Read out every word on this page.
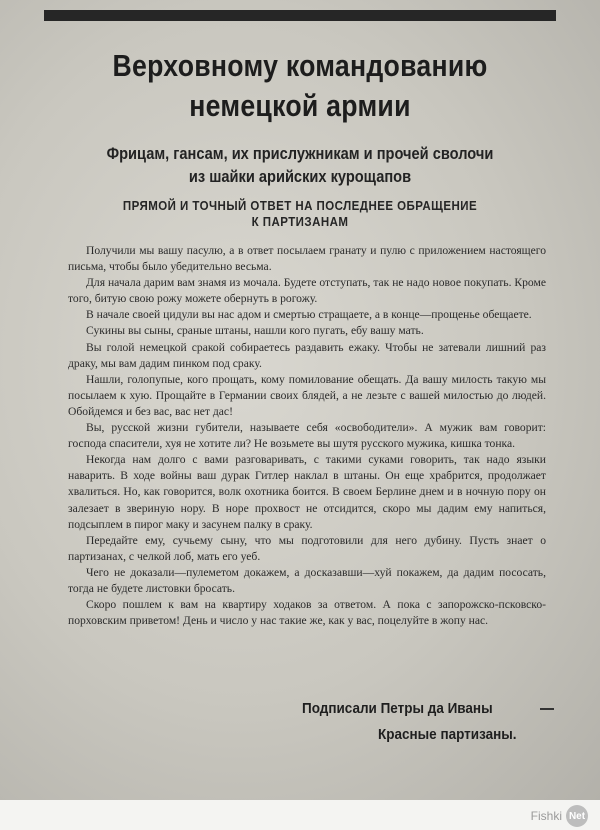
Верховному командованию
немецкой армии
Фрицам, гансам, их прислужникам и прочей сволочи
из шайки арийских курощапов
ПРЯМОЙ И ТОЧНЫЙ ОТВЕТ НА ПОСЛЕДНЕЕ ОБРАЩЕНИЕ
К ПАРТИЗАНАМ

Получили мы вашу пасулю, а в ответ посылаем гранату и пулю с приложением настоящего письма, чтобы было убедительно весьма.

Для начала дарим вам знамя из мочала. Будете отступать, так не надо новое покупать. Кроме того, битую свою рожу можете обернуть в рогожу.

В начале своей цидули вы нас адом и смертью стращаете, а в конце—прощенье обещаете.

Сукины вы сыны, сраные штаны, нашли кого пугать, ебу вашу мать.

Вы голой немецкой сракой собираетесь раздавить ежаку. Чтобы не затевали лишний раз драку, мы вам дадим пинком под сраку.

Нашли, голопупые, кого прощать, кому помилование обещать. Да вашу милость такую мы посылаем к хую. Прощайте в Германии своих блядей, а не лезьте с вашей милостью до людей. Обойдемся и без вас, вас нет дас!

Вы, русской жизни губители, называете себя «освободители». А мужик вам говорит: господа спасители, хуя не хотите ли? Не возьмете вы шутя русского мужика, кишка тонка.

Некогда нам долго с вами разговаривать, с такими суками говорить, так надо языки наварить. В ходе войны ваш дурак Гитлер наклал в штаны. Он еще храбрится, продолжает хвалиться. Но, как говорится, волк охотника боится. В своем Берлине днем и в ночную пору он залезает в звериную нору. В норе прохвост не отсидится, скоро мы дадим ему напиться, подсыплем в пирог маку и засунем палку в сраку.

Передайте ему, сучьему сыну, что мы подготовили для него дубину. Пусть знает о партизанах, с челкой лоб, мать его уеб.

Чего не доказали—пулеметом докажем, а досказавши—хуй покажем, да дадим пососать, тогда не будете листовки бросать.

Скоро пошлем к вам на квартиру ходаков за ответом. А пока с запорожско-псковско-порховским приветом! День и число у нас такие же, как у вас, поцелуйте в жопу нас.

Подписали Петры да Иваны
Красные партизаны.
Fishki Net
